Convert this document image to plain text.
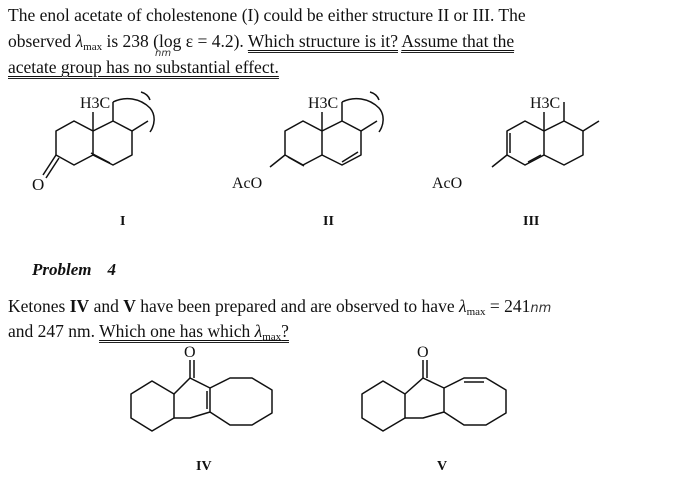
The enol acetate of cholestenone (I) could be either structure II or III. The
observed $\lambda_{max}$ is 238 (log ε = 4.2). Which structure is it? Assume that the
nm
acetate group has no substantial effect.
H3C
O
I
H3C
AcO
II
H3C
AcO
III
O
IV
O
V
Problem 4
Ketones IV and V have been prepared and are observed to have $\lambda_{max} = 241nm$
and 247 nm. Which one has which $\lambda_{max}$?
